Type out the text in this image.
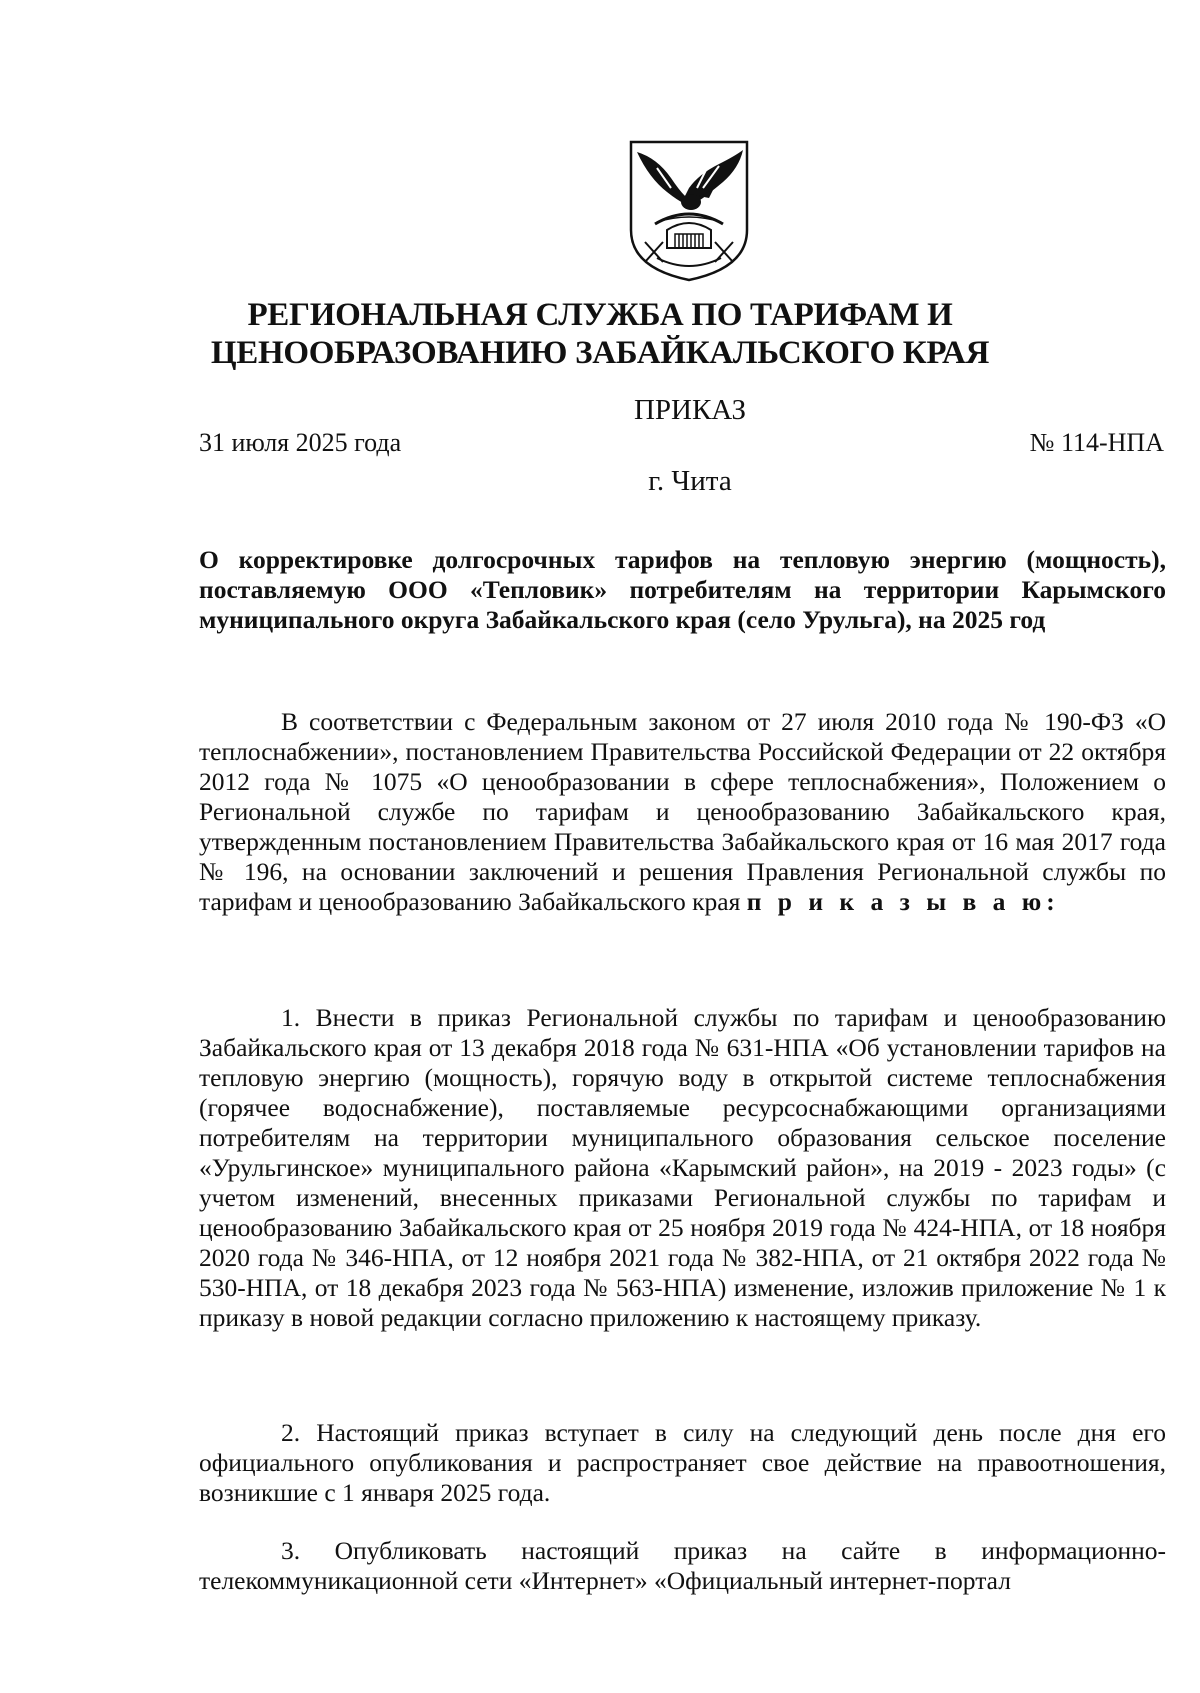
РЕГИОНАЛЬНАЯ СЛУЖБА ПО ТАРИФАМ И
ЦЕНООБРАЗОВАНИЮ ЗАБАЙКАЛЬСКОГО КРАЯ
ПРИКАЗ
31 июля 2025 года	№ 114-НПА
г. Чита
О корректировке долгосрочных тарифов на тепловую энергию (мощность), поставляемую ООО «Тепловик» потребителям на территории Карымского муниципального округа Забайкальского края (село Урульга), на 2025 год

В соответствии с Федеральным законом от 27 июля 2010 года № 190-ФЗ «О теплоснабжении», постановлением Правительства Российской Федерации от 22 октября 2012 года № 1075 «О ценообразовании в сфере теплоснабжения», Положением о Региональной службе по тарифам и ценообразованию Забайкальского края, утвержденным постановлением Правительства Забайкальского края от 16 мая 2017 года № 196, на основании заключений и решения Правления Региональной службы по тарифам и ценообразованию Забайкальского края п р и к а з ы в а ю:

1. Внести в приказ Региональной службы по тарифам и ценообразованию Забайкальского края от 13 декабря 2018 года № 631-НПА «Об установлении тарифов на тепловую энергию (мощность), горячую воду в открытой системе теплоснабжения (горячее водоснабжение), поставляемые ресурсоснабжающими организациями потребителям на территории муниципального образования сельское поселение «Урульгинское» муниципального района «Карымский район», на 2019 - 2023 годы» (с учетом изменений, внесенных приказами Региональной службы по тарифам и ценообразованию Забайкальского края от 25 ноября 2019 года № 424-НПА, от 18 ноября 2020 года № 346-НПА, от 12 ноября 2021 года № 382-НПА, от 21 октября 2022 года № 530-НПА, от 18 декабря 2023 года № 563-НПА) изменение, изложив приложение № 1 к приказу в новой редакции согласно приложению к настоящему приказу.

2. Настоящий приказ вступает в силу на следующий день после дня его официального опубликования и распространяет свое действие на правоотношения, возникшие с 1 января 2025 года.

3. Опубликовать настоящий приказ на сайте в информационно-телекоммуникационной сети «Интернет» «Официальный интернет-портал
